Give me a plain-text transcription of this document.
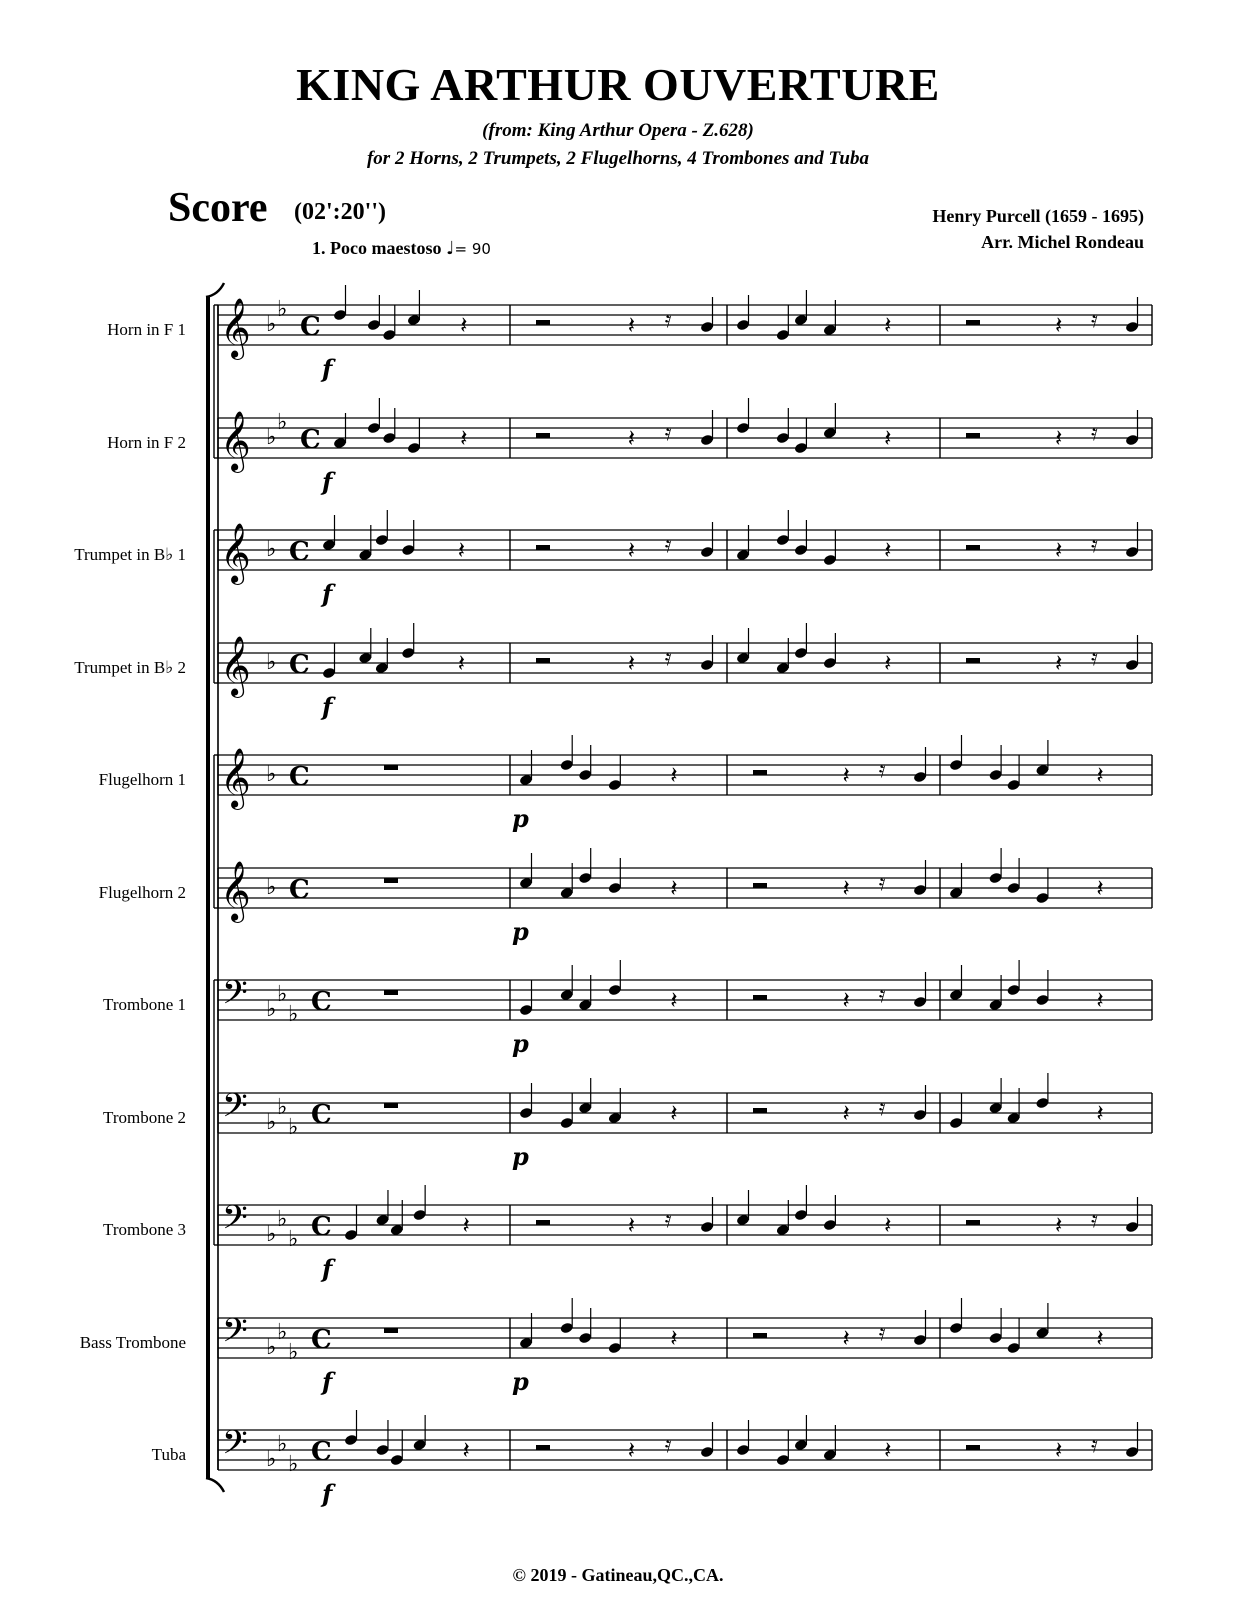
KING ARTHUR OUVERTURE
(from: King Arthur Opera - Z.628)
for 2 Horns, 2 Trumpets, 2 Flugelhorns, 4 Trombones and Tuba
Score (02':20'')
1. Poco maestoso ♩= 90
Henry Purcell (1659 - 1695)
Arr. Michel Rondeau
Horn in F 1
Horn in F 2
Trumpet in B♭ 1
Trumpet in B♭ 2
Flugelhorn 1
Flugelhorn 2
Trombone 1
Trombone 2
Trombone 3
Bass Trombone
Tuba
𝄞 ♭
♭
C
f
𝄽	𝄽 𝄿	𝄽	𝄽 𝄿
𝄞 ♭
♭
C
f
𝄽	𝄽 𝄿	𝄽	𝄽 𝄿
𝄞 ♭ C
f
𝄽	𝄽 𝄿	𝄽	𝄽 𝄿
𝄞 ♭ C
f
𝄽	𝄽 𝄿	𝄽	𝄽 𝄿
𝄞 ♭ C
p
𝄽	𝄽 𝄿	𝄽
𝄞 ♭ C
p
𝄽	𝄽 𝄿	𝄽
𝄢 ♭
♭
♭ C
p
𝄽	𝄽 𝄿	𝄽
𝄢 ♭
♭
♭ C
p
𝄽	𝄽 𝄿	𝄽
𝄢 ♭
♭
♭ C
f
𝄽	𝄽 𝄿	𝄽	𝄽 𝄿
𝄢 ♭
♭
♭ C
f	p
𝄽	𝄽 𝄿	𝄽
𝄢 ♭
♭
♭ C
f
𝄽	𝄽 𝄿	𝄽	𝄽 𝄿
© 2019 - Gatineau,QC.,CA.
